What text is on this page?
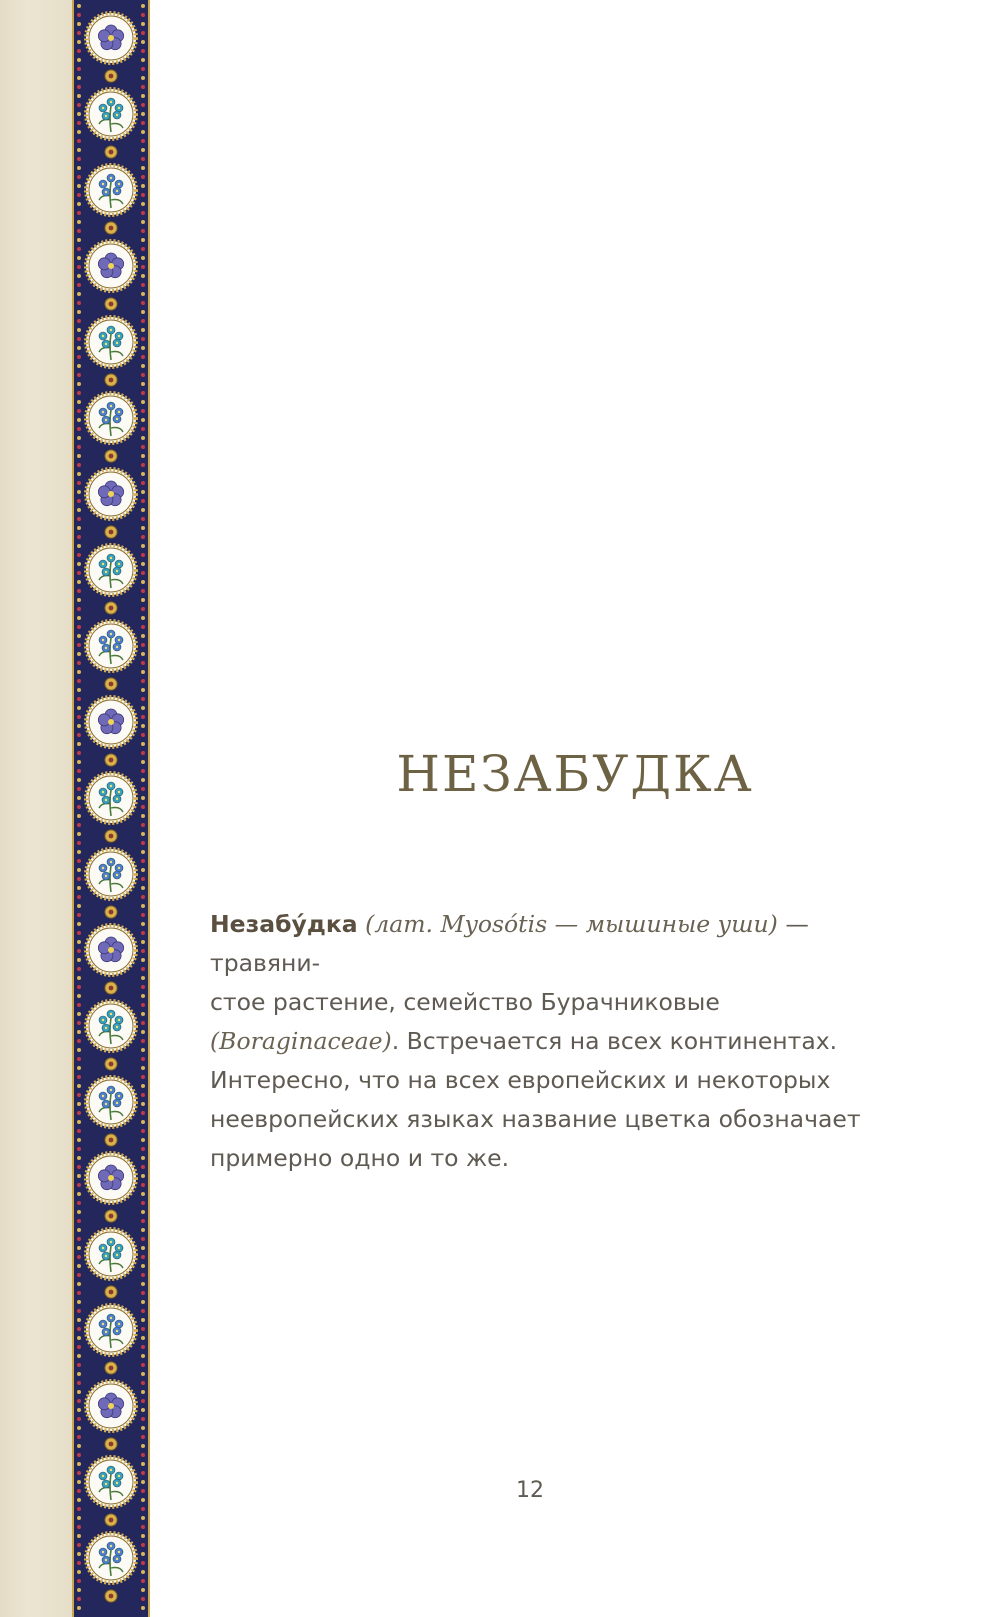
НЕЗАБУДКА

Незабу́дка (лат. Myosótis — мышиные уши) — травяни-
стое растение, семейство Бурачниковые (Boraginaceae). Встречается на всех континентах. Интересно, что на всех европейских и некоторых неевропейских языках название цветка обозначает примерно одно и то же.

12
